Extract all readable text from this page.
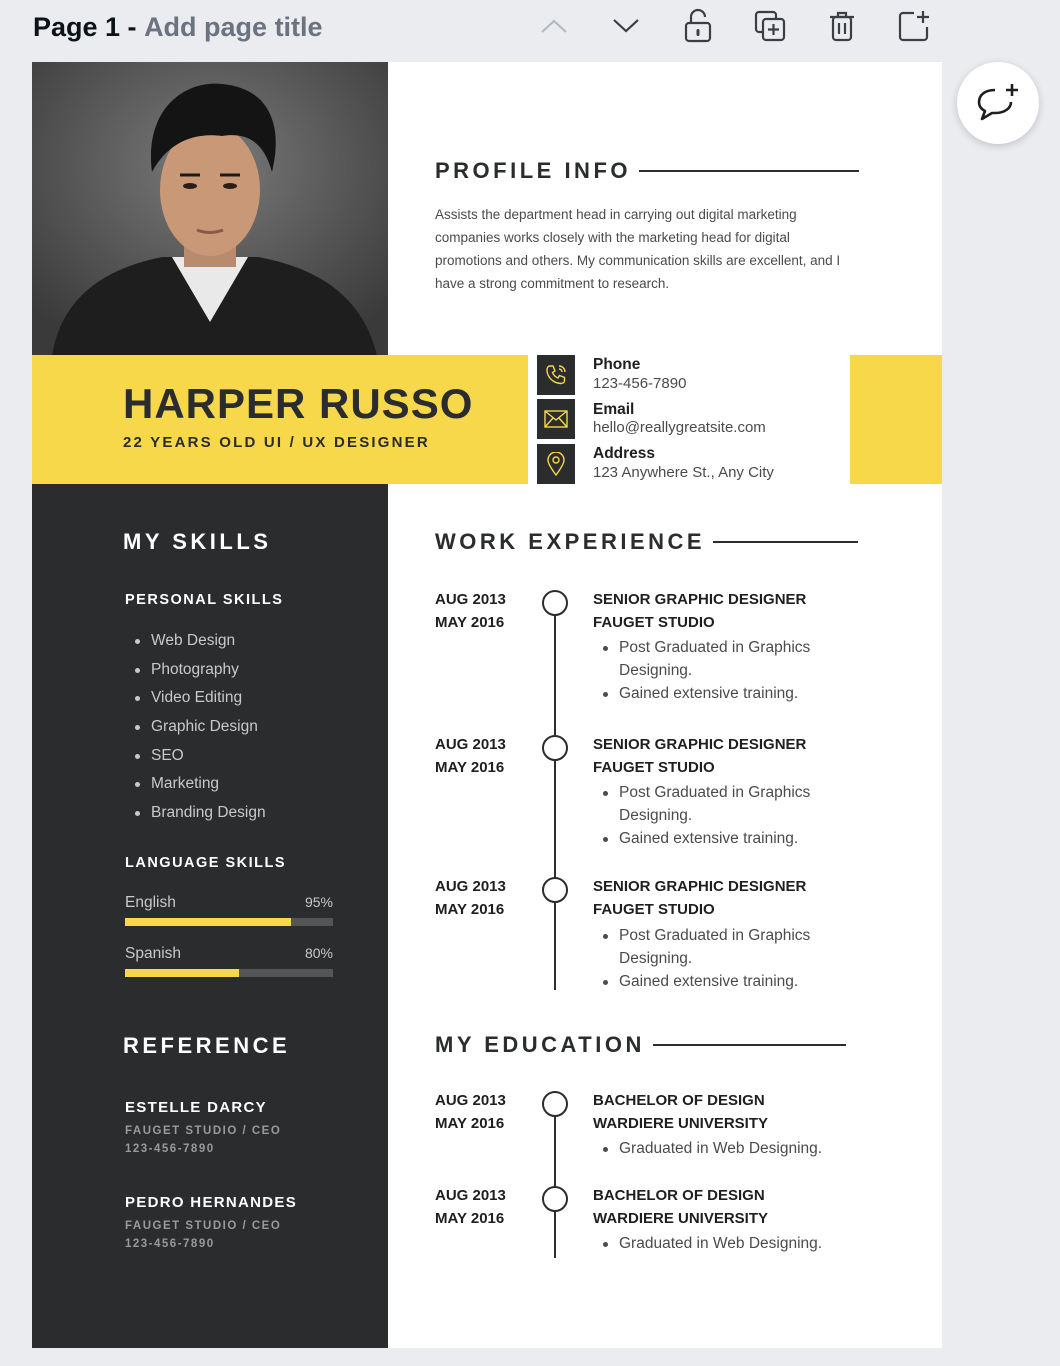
Page 1 - Add page title
HARPER RUSSO
22 YEARS OLD UI / UX DESIGNER
PROFILE INFO
Assists the department head in carrying out digital marketing companies works closely with the marketing head for digital promotions and others. My communication skills are excellent, and I have a strong commitment to research.
Phone
123-456-7890
Email
hello@reallygreatsite.com
Address
123 Anywhere St., Any City
MY SKILLS
PERSONAL SKILLS
Web Design
Photography
Video Editing
Graphic Design
SEO
Marketing
Branding Design
LANGUAGE SKILLS
English	95%
Spanish	80%
REFERENCE
ESTELLE DARCY
FAUGET STUDIO / CEO
123-456-7890
PEDRO HERNANDES
FAUGET STUDIO / CEO
123-456-7890
WORK EXPERIENCE
AUG 2013
MAY 2016
SENIOR GRAPHIC DESIGNER
FAUGET STUDIO
Post Graduated in Graphics Designing.
Gained extensive training.
AUG 2013
MAY 2016
SENIOR GRAPHIC DESIGNER
FAUGET STUDIO
Post Graduated in Graphics Designing.
Gained extensive training.
AUG 2013
MAY 2016
SENIOR GRAPHIC DESIGNER
FAUGET STUDIO
Post Graduated in Graphics Designing.
Gained extensive training.
MY EDUCATION
AUG 2013
MAY 2016
BACHELOR OF DESIGN
WARDIERE UNIVERSITY
Graduated in Web Designing.
AUG 2013
MAY 2016
BACHELOR OF DESIGN
WARDIERE UNIVERSITY
Graduated in Web Designing.
